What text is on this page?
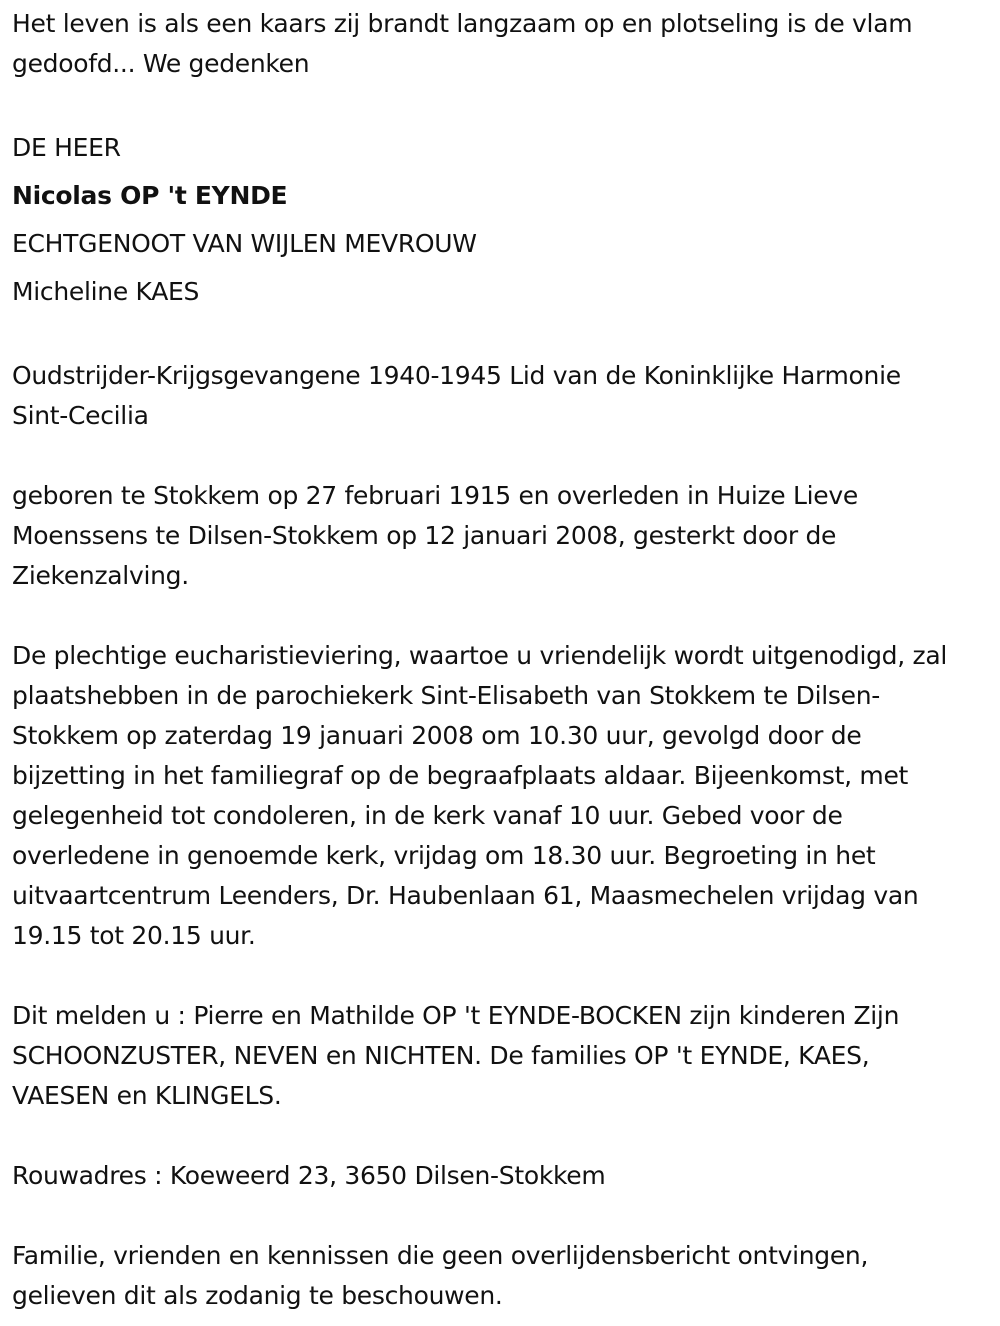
Het leven is als een kaars zij brandt langzaam op en plotseling is de vlam gedoofd... We gedenken

DE HEER

Nicolas OP 't EYNDE

ECHTGENOOT VAN WIJLEN MEVROUW

Micheline KAES

Oudstrijder-Krijgsgevangene 1940-1945 Lid van de Koninklijke Harmonie Sint-Cecilia

geboren te Stokkem op 27 februari 1915 en overleden in Huize Lieve Moenssens te Dilsen-Stokkem op 12 januari 2008, gesterkt door de Ziekenzalving.

De plechtige eucharistieviering, waartoe u vriendelijk wordt uitgenodigd, zal plaatshebben in de parochiekerk Sint-Elisabeth van Stokkem te Dilsen-Stokkem op zaterdag 19 januari 2008 om 10.30 uur, gevolgd door de bijzetting in het familiegraf op de begraafplaats aldaar. Bijeenkomst, met gelegenheid tot condoleren, in de kerk vanaf 10 uur. Gebed voor de overledene in genoemde kerk, vrijdag om 18.30 uur. Begroeting in het uitvaartcentrum Leenders, Dr. Haubenlaan 61, Maasmechelen vrijdag van 19.15 tot 20.15 uur.

Dit melden u : Pierre en Mathilde OP 't EYNDE-BOCKEN zijn kinderen Zijn SCHOONZUSTER, NEVEN en NICHTEN. De families OP 't EYNDE, KAES, VAESEN en KLINGELS.

Rouwadres : Koeweerd 23, 3650 Dilsen-Stokkem

Familie, vrienden en kennissen die geen overlijdensbericht ontvingen, gelieven dit als zodanig te beschouwen.
